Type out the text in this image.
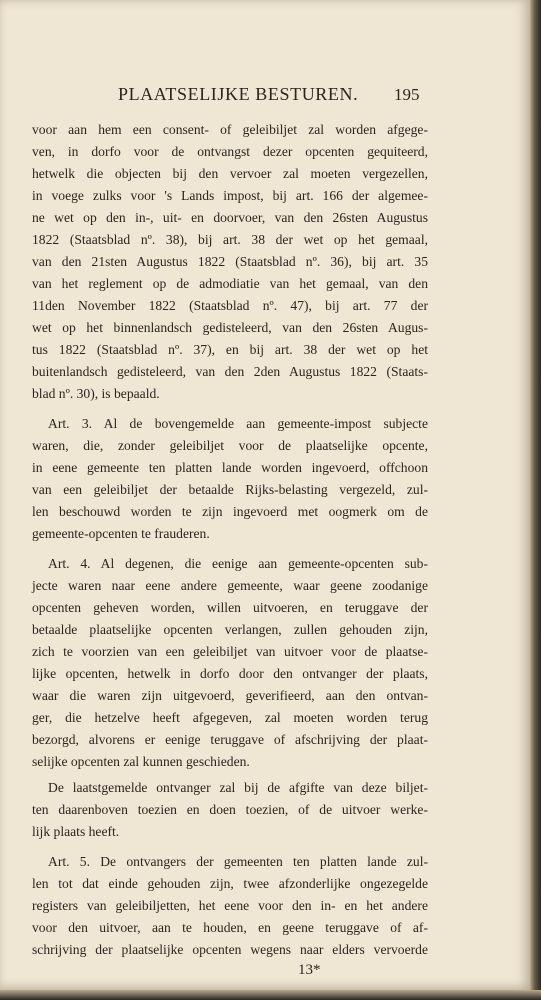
PLAATSELIJKE BESTUREN. 195
voor aan hem een consent- of geleibiljet zal worden afgege-
ven, in dorfo voor de ontvangst dezer opcenten gequiteerd,
hetwelk die objecten bij den vervoer zal moeten vergezellen,
in voege zulks voor 's Lands impost, bij art. 166 der algemee-
ne wet op den in-, uit- en doorvoer, van den 26sten Augustus
1822 (Staatsblad nº. 38), bij art. 38 der wet op het gemaal,
van den 21sten Augustus 1822 (Staatsblad nº. 36), bij art. 35
van het reglement op de admodiatie van het gemaal, van den
11den November 1822 (Staatsblad nº. 47), bij art. 77 der
wet op het binnenlandsch gedisteleerd, van den 26sten Augus-
tus 1822 (Staatsblad nº. 37), en bij art. 38 der wet op het
buitenlandsch gedisteleerd, van den 2den Augustus 1822 (Staats-
blad nº. 30), is bepaald.
Art. 3. Al de bovengemelde aan gemeente-impost subjecte
waren, die, zonder geleibiljet voor de plaatselijke opcente,
in eene gemeente ten platten lande worden ingevoerd, offchoon
van een geleibiljet der betaalde Rijks-belasting vergezeld, zul-
len beschouwd worden te zijn ingevoerd met oogmerk om de
gemeente-opcenten te frauderen.
Art. 4. Al degenen, die eenige aan gemeente-opcenten sub-
jecte waren naar eene andere gemeente, waar geene zoodanige
opcenten geheven worden, willen uitvoeren, en teruggave der
betaalde plaatselijke opcenten verlangen, zullen gehouden zijn,
zich te voorzien van een geleibiljet van uitvoer voor de plaatse-
lijke opcenten, hetwelk in dorfo door den ontvanger der plaats,
waar die waren zijn uitgevoerd, geverifieerd, aan den ontvan-
ger, die hetzelve heeft afgegeven, zal moeten worden terug
bezorgd, alvorens er eenige teruggave of afschrijving der plaat-
selijke opcenten zal kunnen geschieden.
De laatstgemelde ontvanger zal bij de afgifte van deze biljet-
ten daarenboven toezien en doen toezien, of de uitvoer werke-
lijk plaats heeft.
Art. 5. De ontvangers der gemeenten ten platten lande zul-
len tot dat einde gehouden zijn, twee afzonderlijke ongezegelde
registers van geleibiljetten, het eene voor den in- en het andere
voor den uitvoer, aan te houden, en geene teruggave of af-
schrijving der plaatselijke opcenten wegens naar elders vervoerde
13*
